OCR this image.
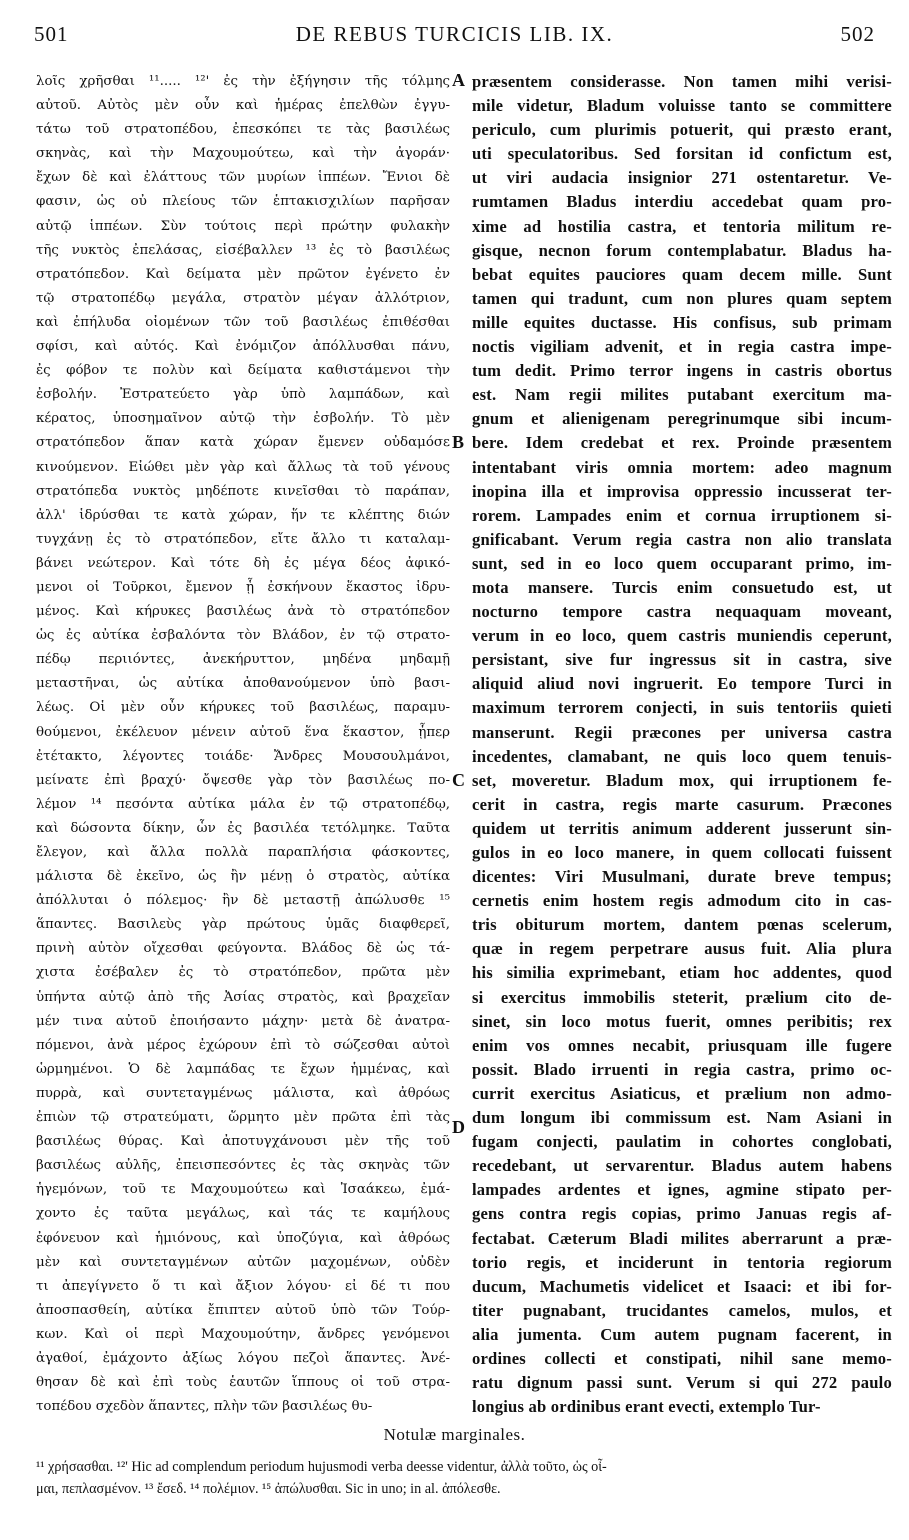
501	DE REBUS TURCICIS LIB. IX.	502
λοῖς χρῆσθαι ¹¹..... ¹²' ἐς τὴν ἐξήγησιν τῆς τόλμης
αὐτοῦ. Αὐτὸς μὲν οὖν καὶ ἡμέρας ἐπελθὼν ἐγγυ-
τάτω τοῦ στρατοπέδου, ἐπεσκόπει τε τὰς βασιλέως
σκηνὰς, καὶ τὴν Μαχουμούτεω, καὶ τὴν ἀγοράν·
ἔχων δὲ καὶ ἐλάττους τῶν μυρίων ἱππέων. Ἔνιοι δὲ
φασιν, ὡς οὐ πλείους τῶν ἑπτακισχιλίων παρῆσαν
αὐτῷ ἱππέων. Σὺν τούτοις περὶ πρώτην φυλακὴν
τῆς νυκτὸς ἐπελάσας, εἰσέβαλλεν ¹³ ἐς τὸ βασιλέως
στρατόπεδον. Καὶ δείματα μὲν πρῶτον ἐγένετο ἐν
τῷ στρατοπέδῳ μεγάλα, στρατὸν μέγαν ἀλλότριον,
καὶ ἐπήλυδα οἰομένων τῶν τοῦ βασιλέως ἐπιθέσθαι
σφίσι, καὶ αὐτός. Καὶ ἐνόμιζον ἀπόλλυσθαι πάνυ,
ἐς φόβον τε πολὺν καὶ δείματα καθιστάμενοι τὴν
ἐσβολήν. Ἐστρατεύετο γὰρ ὑπὸ λαμπάδων, καὶ
κέρατος, ὑποσημαῖνον αὐτῷ τὴν ἐσβολήν. Τὸ μὲν
στρατόπεδον ἅπαν κατὰ χώραν ἔμενεν οὐδαμόσε
κινούμενον. Εἰώθει μὲν γὰρ καὶ ἄλλως τὰ τοῦ γένους
στρατόπεδα νυκτὸς μηδέποτε κινεῖσθαι τὸ παράπαν,
ἀλλ' ἱδρύσθαι τε κατὰ χώραν, ἥν τε κλέπτης διών
τυγχάνῃ ἐς τὸ στρατόπεδον, εἴτε ἄλλο τι καταλαμ-
βάνει νεώτερον. Καὶ τότε δὴ ἐς μέγα δέος ἀφικό-
μενοι οἱ Τοῦρκοι, ἔμενον ᾗ ἐσκήνουν ἕκαστος ἱδρυ-
μένος. Καὶ κήρυκες βασιλέως ἀνὰ τὸ στρατόπεδον
ὡς ἐς αὐτίκα ἐσβαλόντα τὸν Βλάδον, ἐν τῷ στρατο-
πέδῳ περιιόντες, ἀνεκήρυττον, μηδένα μηδαμῇ
μεταστῆναι, ὡς αὐτίκα ἀποθανούμενον ὑπὸ βασι-
λέως. Οἱ μὲν οὖν κήρυκες τοῦ βασιλέως, παραμυ-
θούμενοι, ἐκέλευον μένειν αὐτοῦ ἕνα ἕκαστον, ᾗπερ
ἐτέτακτο, λέγοντες τοιάδε· Ἄνδρες Μουσουλμάνοι,
μείνατε ἐπὶ βραχύ· ὄψεσθε γὰρ τὸν βασιλέως πο-
λέμον ¹⁴ πεσόντα αὐτίκα μάλα ἐν τῷ στρατοπέδῳ,
καὶ δώσοντα δίκην, ὧν ἐς βασιλέα τετόλμηκε. Ταῦτα
ἔλεγον, καὶ ἄλλα πολλὰ παραπλήσια φάσκοντες,
μάλιστα δὲ ἐκεῖνο, ὡς ἢν μένῃ ὁ στρατὸς, αὐτίκα
ἀπόλλυται ὁ πόλεμος· ἢν δὲ μεταστῇ ἀπώλυσθε ¹⁵
ἅπαντες. Βασιλεὺς γὰρ πρώτους ὑμᾶς διαφθερεῖ,
πρινὴ αὐτὸν οἴχεσθαι φεύγοντα. Βλάδος δὲ ὡς τά-
χιστα ἐσέβαλεν ἐς τὸ στρατόπεδον, πρῶτα μὲν
ὑπήντα αὐτῷ ἀπὸ τῆς Ἀσίας στρατὸς, καὶ βραχεῖαν
μέν τινα αὐτοῦ ἐποιήσαντο μάχην· μετὰ δὲ ἀνατρα-
πόμενοι, ἀνὰ μέρος ἐχώρουν ἐπὶ τὸ σώζεσθαι αὐτοὶ
ὡρμημένοι. Ὁ δὲ λαμπάδας τε ἔχων ἡμμένας, καὶ
πυρρὰ, καὶ συντεταγμένως μάλιστα, καὶ ἀθρόως
ἐπιὼν τῷ στρατεύματι, ὥρμητο μὲν πρῶτα ἐπὶ τὰς
βασιλέως θύρας. Καὶ ἀποτυγχάνουσι μὲν τῆς τοῦ
βασιλέως αὐλῆς, ἐπεισπεσόντες ἐς τὰς σκηνὰς τῶν
ἡγεμόνων, τοῦ τε Μαχουμούτεω καὶ Ἰσαάκεω, ἐμά-
χοντο ἐς ταῦτα μεγάλως, καὶ τάς τε καμήλους
ἐφόνευον καὶ ἡμιόνους, καὶ ὑποζύγια, καὶ ἀθρόως
μὲν καὶ συντεταγμένων αὐτῶν μαχομένων, οὐδὲν
τι ἀπεγίγνετο ὅ τι καὶ ἄξιον λόγου· εἰ δέ τι που
ἀποσπασθείη, αὐτίκα ἔπιπτεν αὐτοῦ ὑπὸ τῶν Τούρ-
κων. Καὶ οἱ περὶ Μαχουμούτην, ἄνδρες γενόμενοι
ἀγαθοί, ἐμάχοντο ἀξίως λόγου πεζοὶ ἅπαντες. Ἀνέ-
θησαν δὲ καὶ ἐπὶ τοὺς ἑαυτῶν ἵππους οἱ τοῦ στρα-
τοπέδου σχεδὸν ἅπαντες, πλὴν τῶν βασιλέως θυ-
præsentem considerasse. Non tamen mihi verisi-
mile videtur, Bladum voluisse tanto se committere
periculo, cum plurimis potuerit, qui præsto erant,
uti speculatoribus. Sed forsitan id confictum est,
ut viri audacia insignior 271 ostentaretur. Ve-
rumtamen Bladus interdiu accedebat quam pro-
xime ad hostilia castra, et tentoria militum re-
gisque, necnon forum contemplabatur. Bladus ha-
bebat equites pauciores quam decem mille. Sunt
tamen qui tradunt, cum non plures quam septem
mille equites ductasse. His confisus, sub primam
noctis vigiliam advenit, et in regia castra impe-
tum dedit. Primo terror ingens in castris obortus
est. Nam regii milites putabant exercitum ma-
gnum et alienigenam peregrinumque sibi incum-
bere. Idem credebat et rex. Proinde præsentem
intentabant viris omnia mortem: adeo magnum
inopina illa et improvisa oppressio incusserat ter-
rorem. Lampades enim et cornua irruptionem si-
gnificabant. Verum regia castra non alio translata
sunt, sed in eo loco quem occuparant primo, im-
mota mansere. Turcis enim consuetudo est, ut
nocturno tempore castra nequaquam moveant,
verum in eo loco, quem castris muniendis ceperunt,
persistant, sive fur ingressus sit in castra, sive
aliquid aliud novi ingruerit. Eo tempore Turci in
maximum terrorem conjecti, in suis tentoriis quieti
manserunt. Regii præcones per universa castra
incedentes, clamabant, ne quis loco quem tenuis-
set, moveretur. Bladum mox, qui irruptionem fe-
cerit in castra, regis marte casurum. Præcones
quidem ut territis animum adderent jusserunt sin-
gulos in eo loco manere, in quem collocati fuissent
dicentes: Viri Musulmani, durate breve tempus;
cernetis enim hostem regis admodum cito in cas-
tris obiturum mortem, dantem pœnas scelerum,
quæ in regem perpetrare ausus fuit. Alia plura
his similia exprimebant, etiam hoc addentes, quod
si exercitus immobilis steterit, prælium cito de-
sinet, sin loco motus fuerit, omnes peribitis; rex
enim vos omnes necabit, priusquam ille fugere
possit. Blado irruenti in regia castra, primo oc-
currit exercitus Asiaticus, et prælium non admo-
dum longum ibi commissum est. Nam Asiani in
fugam conjecti, paulatim in cohortes conglobati,
recedebant, ut servarentur. Bladus autem habens
lampades ardentes et ignes, agmine stipato per-
gens contra regis copias, primo Januas regis af-
fectabat. Cæterum Bladi milites aberrarunt a præ-
torio regis, et inciderunt in tentoria regiorum
ducum, Machumetis videlicet et Isaaci: et ibi for-
titer pugnabant, trucidantes camelos, mulos, et
alia jumenta. Cum autem pugnam facerent, in
ordines collecti et constipati, nihil sane memo-
ratu dignum passi sunt. Verum si qui 272 paulo
longius ab ordinibus erant evecti, extemplo Tur-
A
B
C
D
Notulæ marginales.
¹¹ χρήσασθαι. ¹²' Hic ad complendum periodum hujusmodi verba deesse videntur, ἀλλὰ τοῦτο, ὡς οἶ-
μαι, πεπλασμένον. ¹³ ἔσεδ. ¹⁴ πολέμιον. ¹⁵ ἀπώλυσθαι. Sic in uno; in al. ἀπόλεσθε.
